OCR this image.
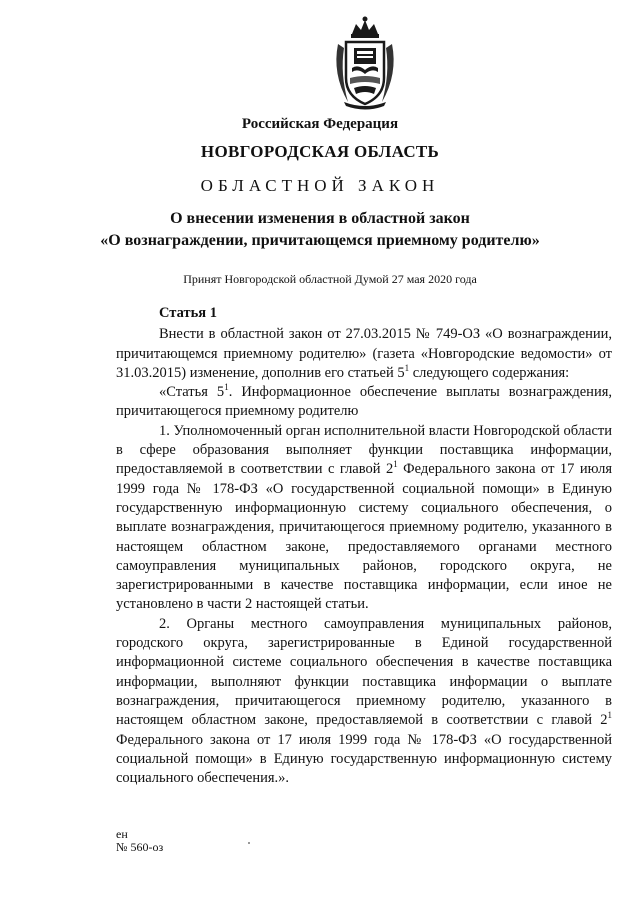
Российская Федерация
НОВГОРОДСКАЯ ОБЛАСТЬ
ОБЛАСТНОЙ ЗАКОН
О внесении изменения в областной закон
«О вознаграждении, причитающемся приемному родителю»
Принят Новгородской областной Думой 27 мая 2020 года

Статья 1

Внести в областной закон от 27.03.2015 № 749-ОЗ «О вознаграждении, причитающемся приемному родителю» (газета «Новгородские ведомости» от 31.03.2015) изменение, дополнив его статьей $5^1$ следующего содержания:

«Статья $5^1$. Информационное обеспечение выплаты вознаграждения, причитающегося приемному родителю

1. Уполномоченный орган исполнительной власти Новгородской области в сфере образования выполняет функции поставщика информации, предоставляемой в соответствии с главой $2^1$ Федерального закона от 17 июля 1999 года № 178-ФЗ «О государственной социальной помощи» в Единую государственную информационную систему социального обеспечения, о выплате вознаграждения, причитающегося приемному родителю, указанного в настоящем областном законе, предоставляемого органами местного самоуправления муниципальных районов, городского округа, не зарегистрированными в качестве поставщика информации, если иное не установлено в части 2 настоящей статьи.

2. Органы местного самоуправления муниципальных районов, городского округа, зарегистрированные в Единой государственной информационной системе социального обеспечения в качестве поставщика информации, выполняют функции поставщика информации о выплате вознаграждения, причитающегося приемному родителю, указанного в настоящем областном законе, предоставляемой в соответствии с главой $2^1$ Федерального закона от 17 июля 1999 года № 178-ФЗ «О государственной социальной помощи» в Единую государственную информационную систему социального обеспечения.».

ен
№ 560-оз
